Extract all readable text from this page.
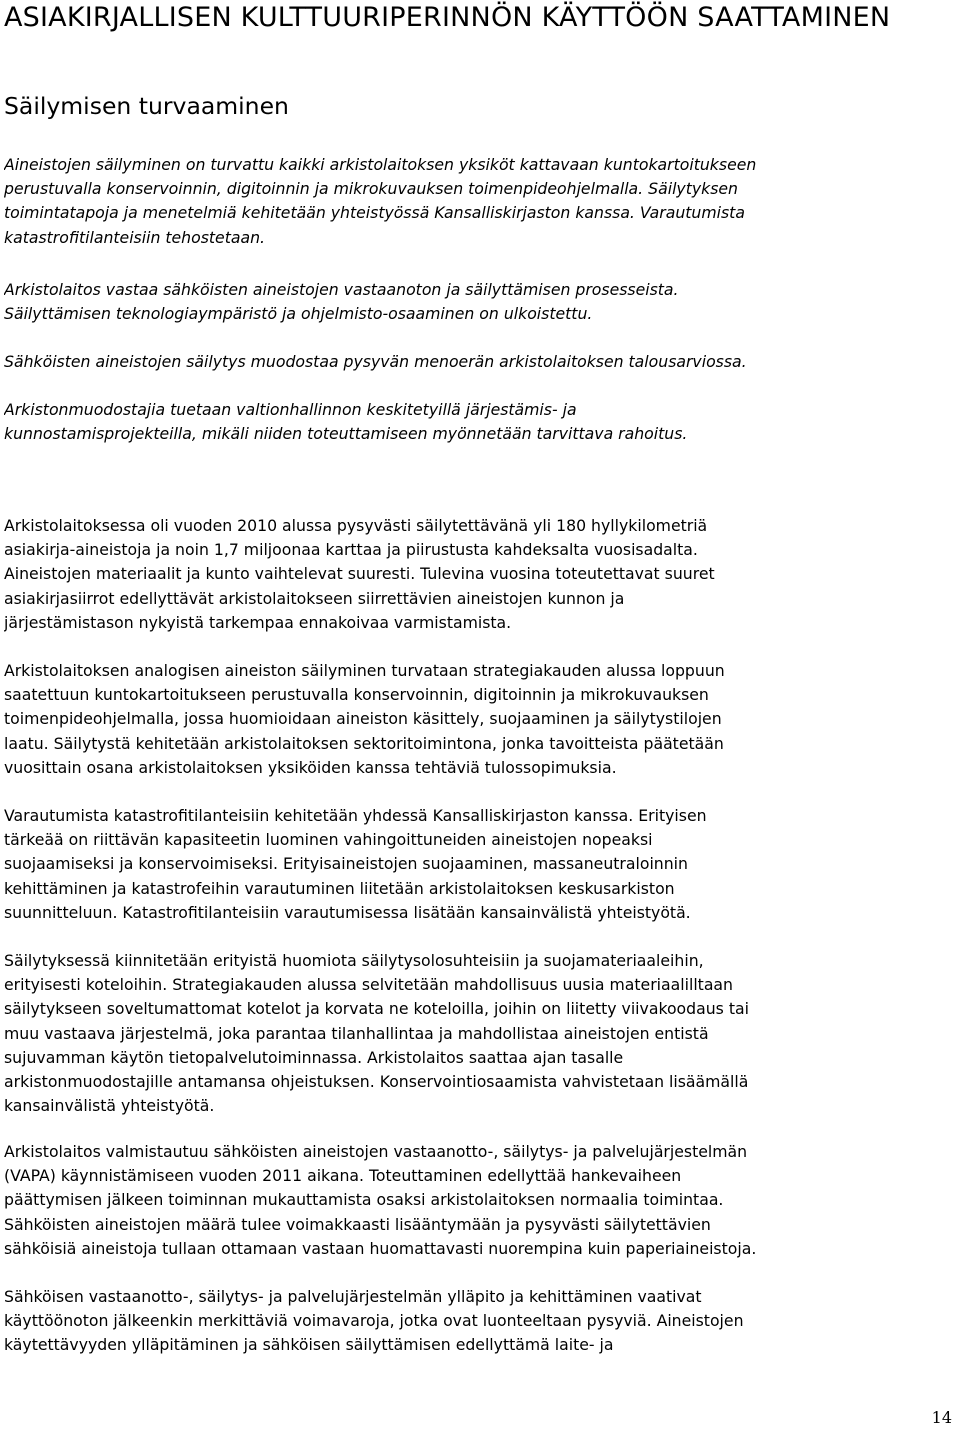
ASIAKIRJALLISEN KULTTUURIPERINNÖN KÄYTTÖÖN SAATTAMINEN
Säilymisen turvaaminen
Aineistojen säilyminen on turvattu kaikki arkistolaitoksen yksiköt kattavaan kuntokartoitukseen
perustuvalla konservoinnin, digitoinnin ja mikrokuvauksen toimenpideohjelmalla. Säilytyksen
toimintatapoja ja menetelmiä kehitetään yhteistyössä Kansalliskirjaston kanssa. Varautumista
katastrofitilanteisiin tehostetaan.
Arkistolaitos vastaa sähköisten aineistojen vastaanoton ja säilyttämisen prosesseista.
Säilyttämisen teknologiaympäristö ja ohjelmisto-osaaminen on ulkoistettu.
Sähköisten aineistojen säilytys muodostaa pysyvän menoerän arkistolaitoksen talousarviossa.
Arkistonmuodostajia tuetaan valtionhallinnon keskitetyillä järjestämis- ja
kunnostamisprojekteilla, mikäli niiden toteuttamiseen myönnetään tarvittava rahoitus.
Arkistolaitoksessa oli vuoden 2010 alussa pysyvästi säilytettävänä yli 180 hyllykilometriä
asiakirja-aineistoja ja noin 1,7 miljoonaa karttaa ja piirustusta kahdeksalta vuosisadalta.
Aineistojen materiaalit ja kunto vaihtelevat suuresti. Tulevina vuosina toteutettavat suuret
asiakirjasiirrot edellyttävät arkistolaitokseen siirrettävien aineistojen kunnon ja
järjestämistason nykyistä tarkempaa ennakoivaa varmistamista.
Arkistolaitoksen analogisen aineiston säilyminen turvataan strategiakauden alussa loppuun
saatettuun kuntokartoitukseen perustuvalla konservoinnin, digitoinnin ja mikrokuvauksen
toimenpideohjelmalla, jossa huomioidaan aineiston käsittely, suojaaminen ja säilytystilojen
laatu. Säilytystä kehitetään arkistolaitoksen sektoritoimintona, jonka tavoitteista päätetään
vuosittain osana arkistolaitoksen yksiköiden kanssa tehtäviä tulossopimuksia.
Varautumista katastrofitilanteisiin kehitetään yhdessä Kansalliskirjaston kanssa. Erityisen
tärkeää on riittävän kapasiteetin luominen vahingoittuneiden aineistojen nopeaksi
suojaamiseksi ja konservoimiseksi. Erityisaineistojen suojaaminen, massaneutraloinnin
kehittäminen ja katastrofeihin varautuminen liitetään arkistolaitoksen keskusarkiston
suunnitteluun. Katastrofitilanteisiin varautumisessa lisätään kansainvälistä yhteistyötä.
Säilytyksessä kiinnitetään erityistä huomiota säilytysolosuhteisiin ja suojamateriaaleihin,
erityisesti koteloihin. Strategiakauden alussa selvitetään mahdollisuus uusia materiaalilltaan
säilytykseen soveltumattomat kotelot ja korvata ne koteloilla, joihin on liitetty viivakoodaus tai
muu vastaava järjestelmä, joka parantaa tilanhallintaa ja mahdollistaa aineistojen entistä
sujuvamman käytön tietopalvelutoiminnassa. Arkistolaitos saattaa ajan tasalle
arkistonmuodostajille antamansa ohjeistuksen. Konservointiosaamista vahvistetaan lisäämällä
kansainvälistä yhteistyötä.
Arkistolaitos valmistautuu sähköisten aineistojen vastaanotto-, säilytys- ja palvelujärjestelmän
(VAPA) käynnistämiseen vuoden 2011 aikana. Toteuttaminen edellyttää hankevaiheen
päättymisen jälkeen toiminnan mukauttamista osaksi arkistolaitoksen normaalia toimintaa.
Sähköisten aineistojen määrä tulee voimakkaasti lisääntymään ja pysyvästi säilytettävien
sähköisiä aineistoja tullaan ottamaan vastaan huomattavasti nuorempina kuin paperiaineistoja.
Sähköisen vastaanotto-, säilytys- ja palvelujärjestelmän ylläpito ja kehittäminen vaativat
käyttöönoton jälkeenkin merkittäviä voimavaroja, jotka ovat luonteeltaan pysyviä. Aineistojen
käytettävyyden ylläpitäminen ja sähköisen säilyttämisen edellyttämä laite- ja
14
